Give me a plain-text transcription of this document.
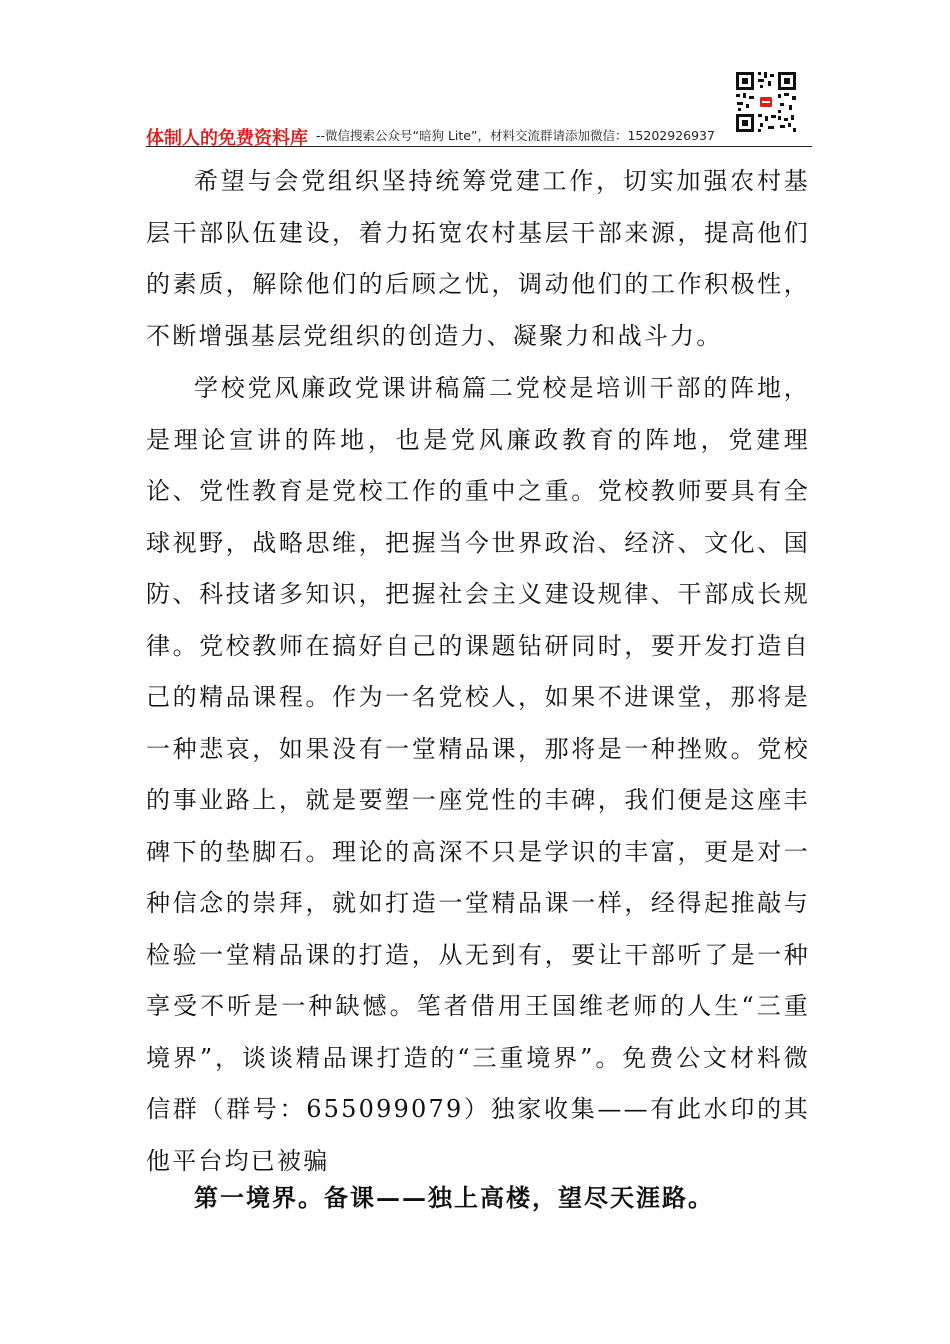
体制人的免费资料库 --微信搜索公众号“暗狗 Lite”，材料交流群请添加微信：15202926937

希望与会党组织坚持统筹党建工作，切实加强农村基层干部队伍建设，着力拓宽农村基层干部来源，提高他们的素质，解除他们的后顾之忧，调动他们的工作积极性，不断增强基层党组织的创造力、凝聚力和战斗力。

学校党风廉政党课讲稿篇二党校是培训干部的阵地，是理论宣讲的阵地，也是党风廉政教育的阵地，党建理论、党性教育是党校工作的重中之重。党校教师要具有全球视野，战略思维，把握当今世界政治、经济、文化、国防、科技诸多知识，把握社会主义建设规律、干部成长规律。党校教师在搞好自己的课题钻研同时，要开发打造自己的精品课程。作为一名党校人，如果不进课堂，那将是一种悲哀，如果没有一堂精品课，那将是一种挫败。党校的事业路上，就是要塑一座党性的丰碑，我们便是这座丰碑下的垫脚石。理论的高深不只是学识的丰富，更是对一种信念的崇拜，就如打造一堂精品课一样，经得起推敲与检验一堂精品课的打造，从无到有，要让干部听了是一种享受不听是一种缺憾。笔者借用王国维老师的人生“三重境界”，谈谈精品课打造的“三重境界”。免费公文材料微信群（群号：655099079）独家收集——有此水印的其他平台均已被骗

第一境界。备课——独上高楼，望尽天涯路。
